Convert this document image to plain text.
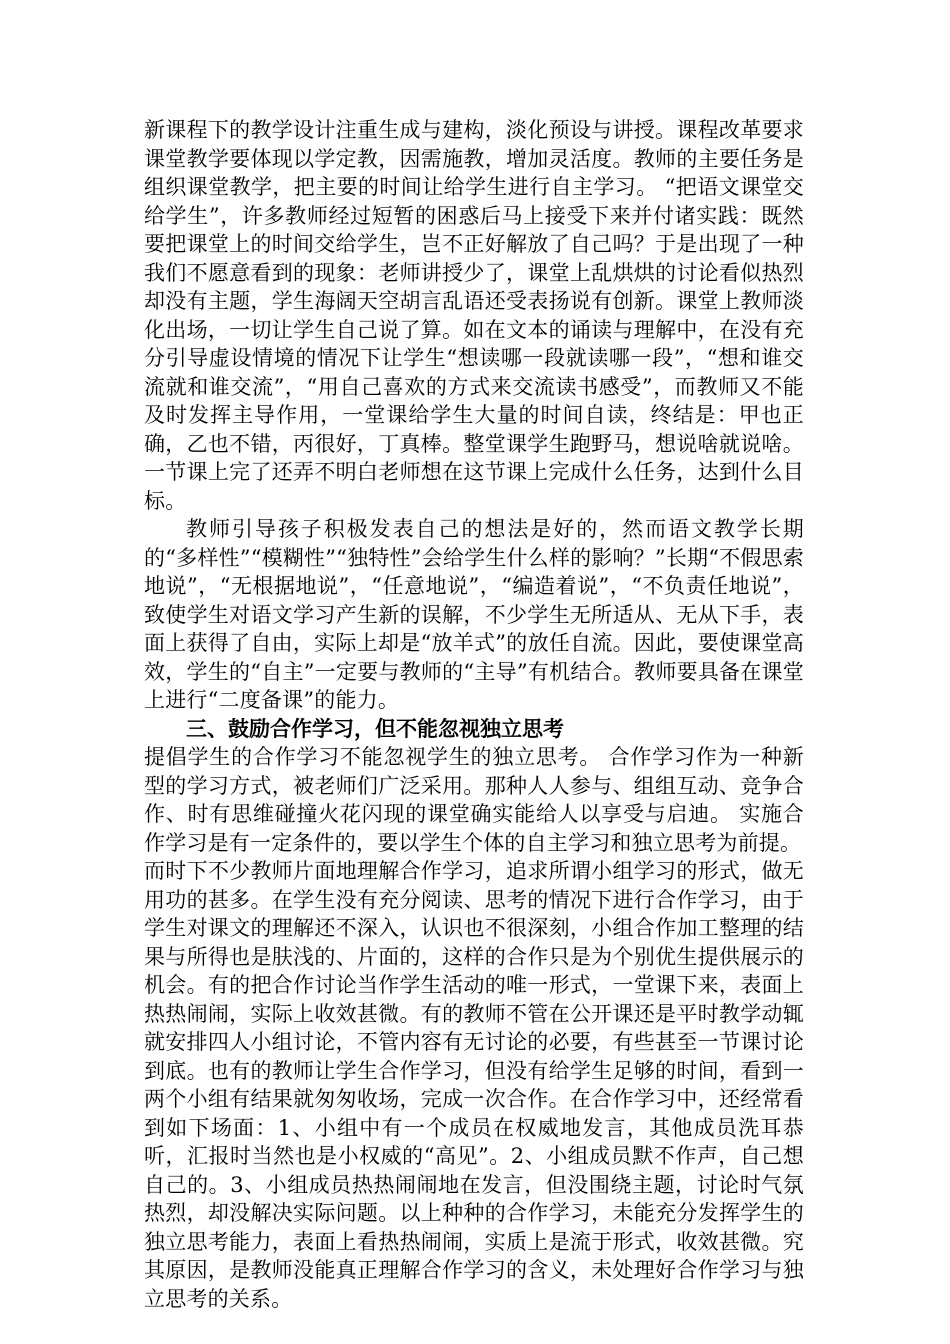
新课程下的教学设计注重生成与建构，淡化预设与讲授。课程改革要求课堂教学要体现以学定教，因需施教，增加灵活度。教师的主要任务是组织课堂教学，把主要的时间让给学生进行自主学习。 “把语文课堂交给学生”，许多教师经过短暂的困惑后马上接受下来并付诸实践：既然要把课堂上的时间交给学生，岂不正好解放了自己吗？于是出现了一种我们不愿意看到的现象：老师讲授少了，课堂上乱烘烘的讨论看似热烈却没有主题，学生海阔天空胡言乱语还受表扬说有创新。课堂上教师淡化出场，一切让学生自己说了算。如在文本的诵读与理解中，在没有充分引导虚设情境的情况下让学生“想读哪一段就读哪一段”，“想和谁交流就和谁交流”，“用自己喜欢的方式来交流读书感受”，而教师又不能及时发挥主导作用，一堂课给学生大量的时间自读，终结是：甲也正确，乙也不错，丙很好，丁真棒。整堂课学生跑野马，想说啥就说啥。一节课上完了还弄不明白老师想在这节课上完成什么任务，达到什么目标。

教师引导孩子积极发表自己的想法是好的，然而语文教学长期的“多样性”“模糊性”“独特性”会给学生什么样的影响？”长期“不假思索地说”，“无根据地说”，“任意地说”，“编造着说”，“不负责任地说”，致使学生对语文学习产生新的误解，不少学生无所适从、无从下手，表面上获得了自由，实际上却是“放羊式”的放任自流。因此，要使课堂高效，学生的“自主”一定要与教师的“主导”有机结合。教师要具备在课堂上进行“二度备课”的能力。

三、鼓励合作学习，但不能忽视独立思考

提倡学生的合作学习不能忽视学生的独立思考。 合作学习作为一种新型的学习方式，被老师们广泛采用。那种人人参与、组组互动、竞争合作、时有思维碰撞火花闪现的课堂确实能给人以享受与启迪。 实施合作学习是有一定条件的，要以学生个体的自主学习和独立思考为前提。

而时下不少教师片面地理解合作学习，追求所谓小组学习的形式，做无用功的甚多。在学生没有充分阅读、思考的情况下进行合作学习，由于学生对课文的理解还不深入，认识也不很深刻，小组合作加工整理的结果与所得也是肤浅的、片面的，这样的合作只是为个别优生提供展示的机会。有的把合作讨论当作学生活动的唯一形式，一堂课下来，表面上热热闹闹，实际上收效甚微。有的教师不管在公开课还是平时教学动辄就安排四人小组讨论，不管内容有无讨论的必要，有些甚至一节课讨论到底。也有的教师让学生合作学习，但没有给学生足够的时间，看到一两个小组有结果就匆匆收场，完成一次合作。在合作学习中，还经常看到如下场面：1、小组中有一个成员在权威地发言，其他成员洗耳恭听，汇报时当然也是小权威的“高见”。2、小组成员默不作声，自己想自己的。3、小组成员热热闹闹地在发言，但没围绕主题，讨论时气氛热烈，却没解决实际问题。以上种种的合作学习，未能充分发挥学生的独立思考能力，表面上看热热闹闹，实质上是流于形式，收效甚微。究其原因，是教师没能真正理解合作学习的含义，未处理好合作学习与独立思考的关系。
